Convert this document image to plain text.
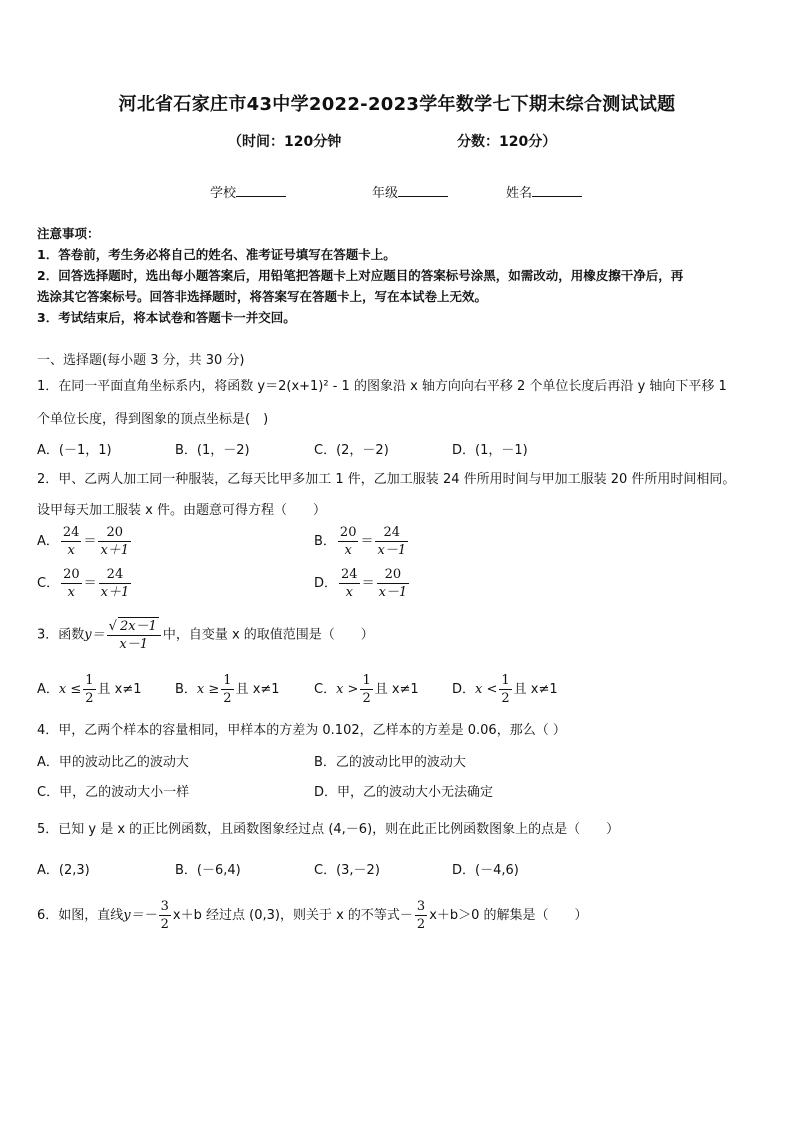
河北省石家庄市43中学2022-2023学年数学七下期末综合测试试题
（时间：120分钟	分数：120分）
学校	年级	姓名
注意事项：
1．答卷前，考生务必将自己的姓名、准考证号填写在答题卡上。
2．回答选择题时，选出每小题答案后，用铅笔把答题卡上对应题目的答案标号涂黑，如需改动，用橡皮擦干净后，再
选涂其它答案标号。回答非选择题时，将答案写在答题卡上，写在本试卷上无效。
3．考试结束后，将本试卷和答题卡一并交回。
一、选择题(每小题 3 分，共 30 分)
1．在同一平面直角坐标系内，将函数 y＝2(x+1)² - 1 的图象沿 x 轴方向向右平移 2 个单位长度后再沿 y 轴向下平移 1
个单位长度，得到图象的顶点坐标是(　)
A．(－1，1)	B．(1，－2)	C．(2，－2)	D．(1，－1)
2．甲、乙两人加工同一种服装，乙每天比甲多加工 1 件，乙加工服装 24 件所用时间与甲加工服装 20 件所用时间相同。
设甲每天加工服装 x 件。由题意可得方程（　　）
A． $\frac{24}{x} = \frac{20}{x+1}$	B． $\frac{20}{x} = \frac{24}{x-1}$
C． $\frac{20}{x} = \frac{24}{x+1}$	D． $\frac{24}{x} = \frac{20}{x-1}$
3．函数$y= \frac{√ 2x-1}{x-1}$ 中，自变量 x 的取值范围是（　　）
A．$x \le \frac{1}{2}$ 且 x≠1	B．$x \ge \frac{1}{2}$ 且 x≠1	C．$x > \frac{1}{2}$ 且 x≠1	D．$x < \frac{1}{2}$ 且 x≠1
4．甲，乙两个样本的容量相同，甲样本的方差为 0.102，乙样本的方差是 0.06，那么（ ）
A．甲的波动比乙的波动大	B．乙的波动比甲的波动大
C．甲，乙的波动大小一样	D．甲，乙的波动大小无法确定
5．已知 y 是 x 的正比例函数，且函数图象经过点 (4,－6)，则在此正比例函数图象上的点是（　　）
A．(2,3)	B．(－6,4)	C．(3,－2)	D．(－4,6)
6．如图，直线$y=- \frac{3}{2} x+b$ 经过点 (0,3)，则关于 x 的不等式－ $\frac{3}{2} x+b>0$ 的解集是（　　）
